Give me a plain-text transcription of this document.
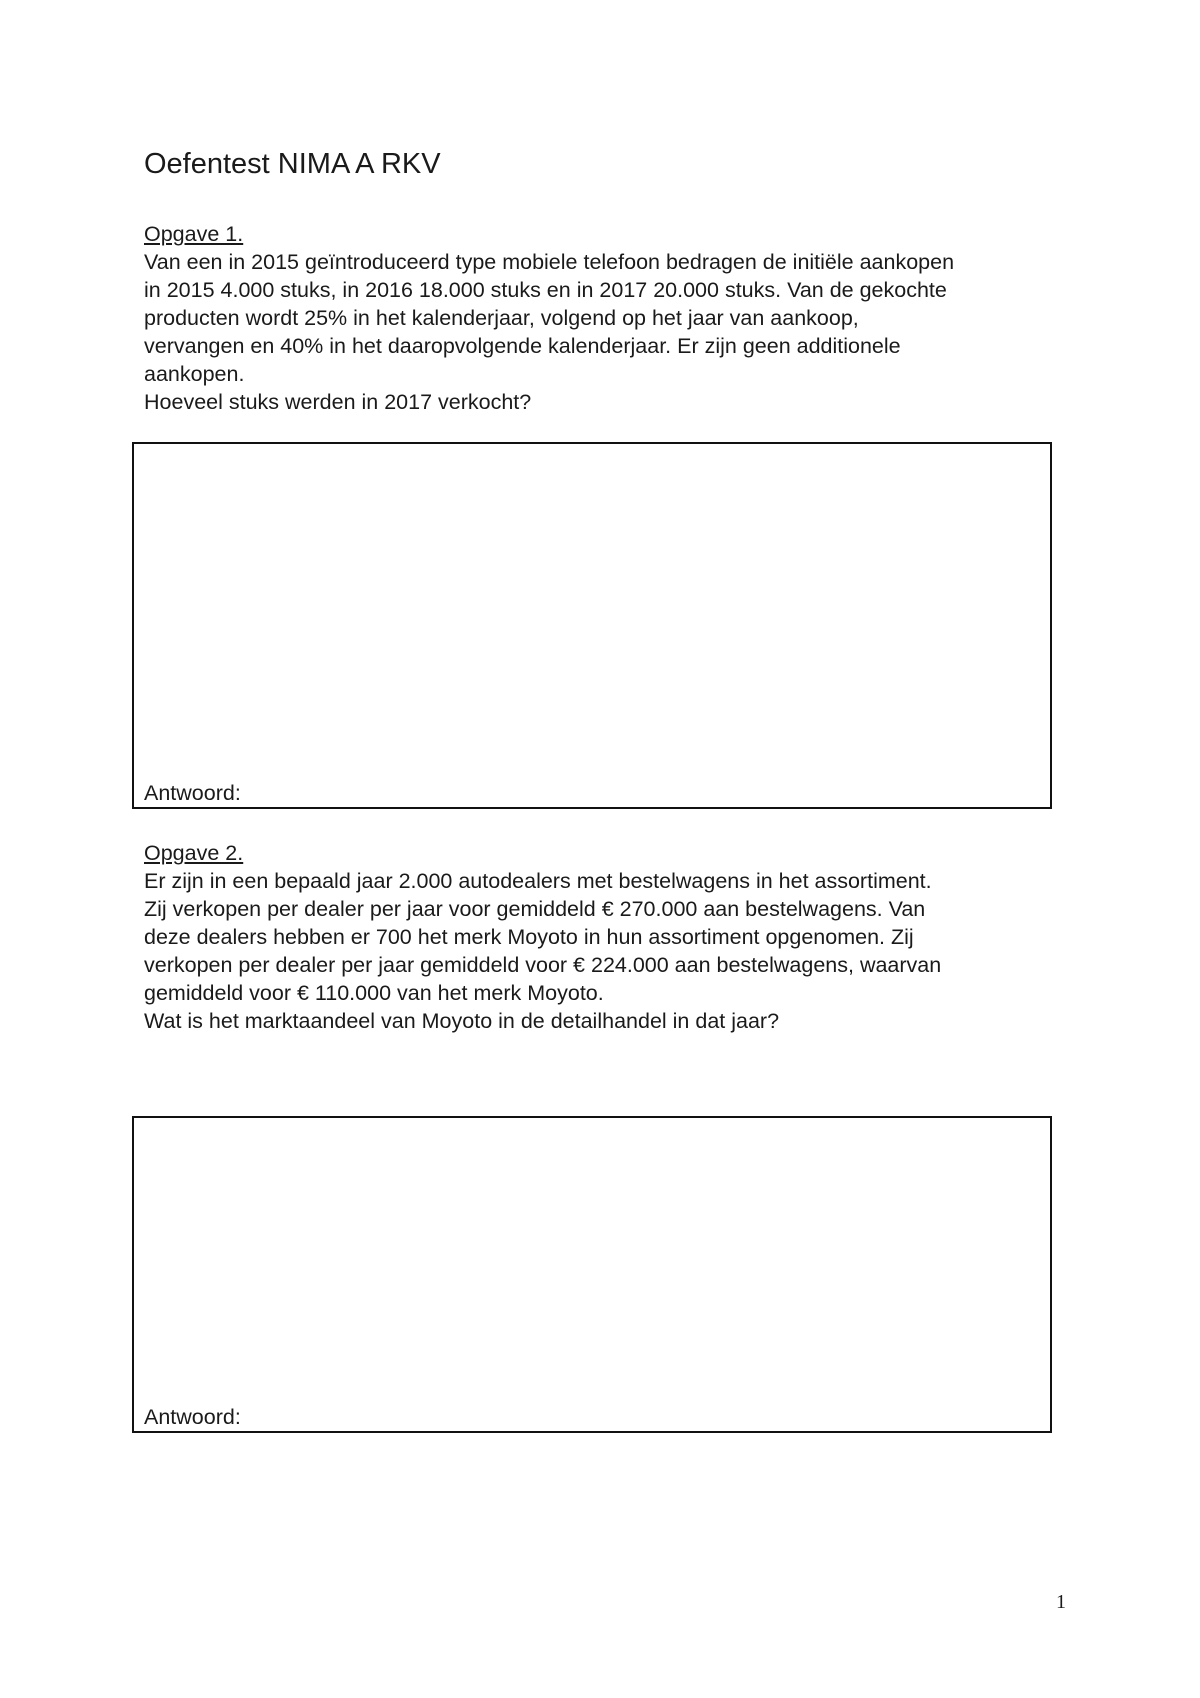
Oefentest NIMA A RKV
Opgave 1.
Van een in 2015 geïntroduceerd type mobiele telefoon bedragen de initiële aankopen
in 2015 4.000 stuks, in 2016 18.000 stuks en in 2017 20.000 stuks. Van de gekochte
producten wordt 25% in het kalenderjaar, volgend op het jaar van aankoop,
vervangen en 40% in het daaropvolgende kalenderjaar. Er zijn geen additionele
aankopen.
Hoeveel stuks werden in 2017 verkocht?
Antwoord:
Opgave 2.
Er zijn in een bepaald jaar 2.000 autodealers met bestelwagens in het assortiment.
Zij verkopen per dealer per jaar voor gemiddeld € 270.000 aan bestelwagens. Van
deze dealers hebben er 700 het merk Moyoto in hun assortiment opgenomen. Zij
verkopen per dealer per jaar gemiddeld voor € 224.000 aan bestelwagens, waarvan
gemiddeld voor € 110.000 van het merk Moyoto.
Wat is het marktaandeel van Moyoto in de detailhandel in dat jaar?
Antwoord:
1
